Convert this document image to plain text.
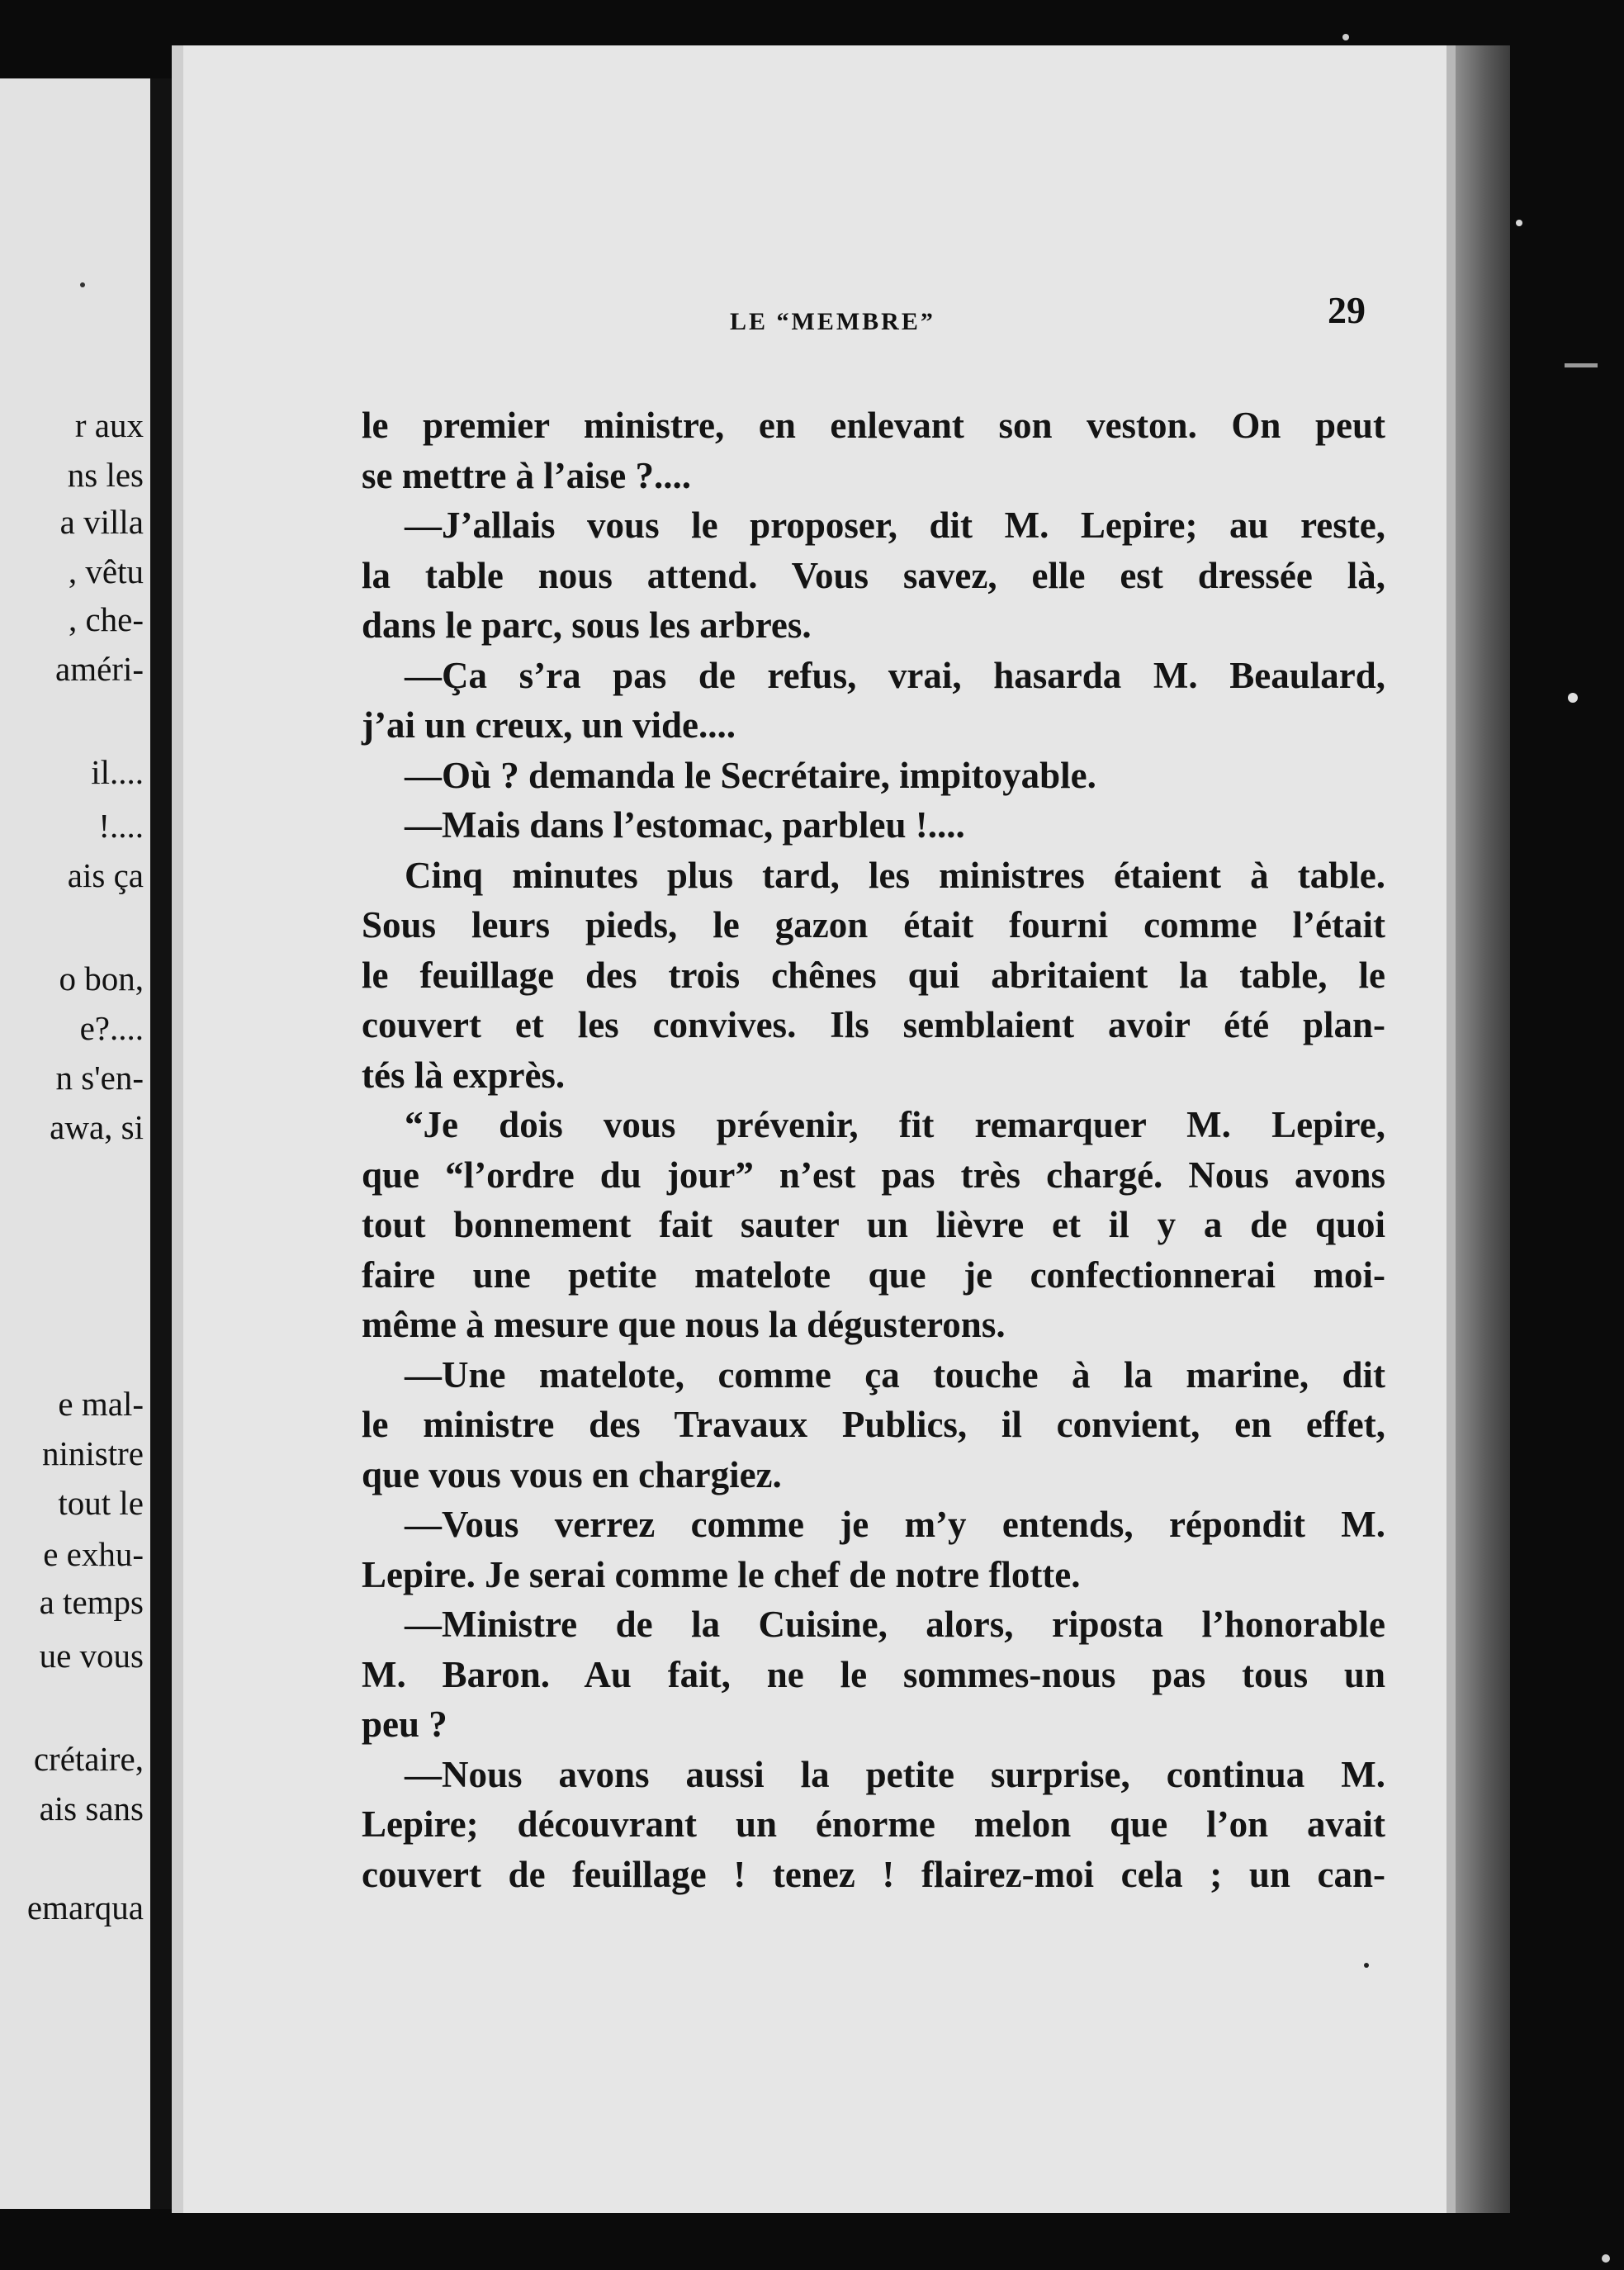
r aux
ns les
a villa
, vêtu
, che-
améri-
il....
!....
ais ça
o bon,
e?....
n s'en-
awa, si
e mal-
ninistre
tout le
e exhu-
a temps
ue vous
crétaire,
ais sans
emarqua
LE “MEMBRE”	29
le premier ministre, en enlevant son veston. On peut
se mettre à l’aise ?....
—J’allais vous le proposer, dit M. Lepire; au reste,
la table nous attend. Vous savez, elle est dressée là,
dans le parc, sous les arbres.
—Ça s’ra pas de refus, vrai, hasarda M. Beaulard,
j’ai un creux, un vide....
—Où ? demanda le Secrétaire, impitoyable.
—Mais dans l’estomac, parbleu !....
Cinq minutes plus tard, les ministres étaient à table.
Sous leurs pieds, le gazon était fourni comme l’était
le feuillage des trois chênes qui abritaient la table, le
couvert et les convives. Ils semblaient avoir été plan-
tés là exprès.
“Je dois vous prévenir, fit remarquer M. Lepire,
que “l’ordre du jour” n’est pas très chargé. Nous avons
tout bonnement fait sauter un lièvre et il y a de quoi
faire une petite matelote que je confectionnerai moi-
même à mesure que nous la dégusterons.
—Une matelote, comme ça touche à la marine, dit
le ministre des Travaux Publics, il convient, en effet,
que vous vous en chargiez.
—Vous verrez comme je m’y entends, répondit M.
Lepire. Je serai comme le chef de notre flotte.
—Ministre de la Cuisine, alors, riposta l’honorable
M. Baron. Au fait, ne le sommes-nous pas tous un
peu ?
—Nous avons aussi la petite surprise, continua M.
Lepire; découvrant un énorme melon que l’on avait
couvert de feuillage ! tenez ! flairez-moi cela ; un can-
